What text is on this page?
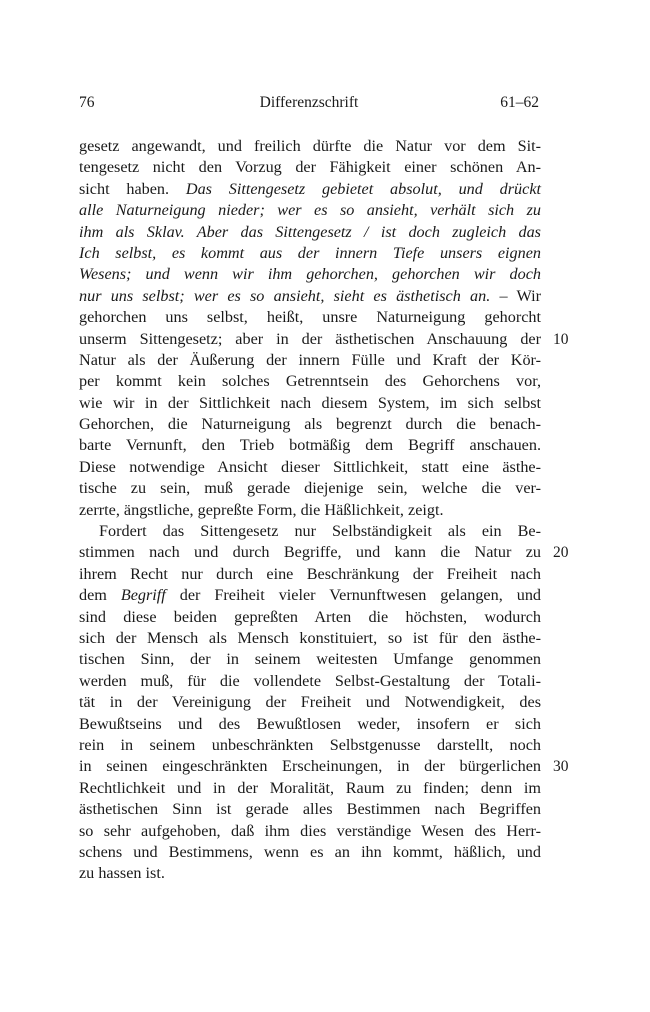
76	Differenzschrift	61–62
gesetz angewandt, und freilich dürfte die Natur vor dem Sit-
tengesetz nicht den Vorzug der Fähigkeit einer schönen An-
sicht haben. Das Sittengesetz gebietet absolut, und drückt
alle Naturneigung nieder; wer es so ansieht, verhält sich zu
ihm als Sklav. Aber das Sittengesetz / ist doch zugleich das
Ich selbst, es kommt aus der innern Tiefe unsers eignen
Wesens; und wenn wir ihm gehorchen, gehorchen wir doch
nur uns selbst; wer es so ansieht, sieht es ästhetisch an. – Wir
gehorchen uns selbst, heißt, unsre Naturneigung gehorcht
unserm Sittengesetz; aber in der ästhetischen Anschauung der 10
Natur als der Äußerung der innern Fülle und Kraft der Kör-
per kommt kein solches Getrenntsein des Gehorchens vor,
wie wir in der Sittlichkeit nach diesem System, im sich selbst
Gehorchen, die Naturneigung als begrenzt durch die benach-
barte Vernunft, den Trieb botmäßig dem Begriff anschauen.
Diese notwendige Ansicht dieser Sittlichkeit, statt eine ästhe-
tische zu sein, muß gerade diejenige sein, welche die ver-
zerrte, ängstliche, gepreßte Form, die Häßlichkeit, zeigt.
Fordert das Sittengesetz nur Selbständigkeit als ein Be-
stimmen nach und durch Begriffe, und kann die Natur zu 20
ihrem Recht nur durch eine Beschränkung der Freiheit nach
dem Begriff der Freiheit vieler Vernunftwesen gelangen, und
sind diese beiden gepreßten Arten die höchsten, wodurch
sich der Mensch als Mensch konstituiert, so ist für den ästhe-
tischen Sinn, der in seinem weitesten Umfange genommen
werden muß, für die vollendete Selbst-Gestaltung der Totali-
tät in der Vereinigung der Freiheit und Notwendigkeit, des
Bewußtseins und des Bewußtlosen weder, insofern er sich
rein in seinem unbeschränkten Selbstgenusse darstellt, noch
in seinen eingeschränkten Erscheinungen, in der bürgerlichen 30
Rechtlichkeit und in der Moralität, Raum zu finden; denn im
ästhetischen Sinn ist gerade alles Bestimmen nach Begriffen
so sehr aufgehoben, daß ihm dies verständige Wesen des Herr-
schens und Bestimmens, wenn es an ihn kommt, häßlich, und
zu hassen ist.
